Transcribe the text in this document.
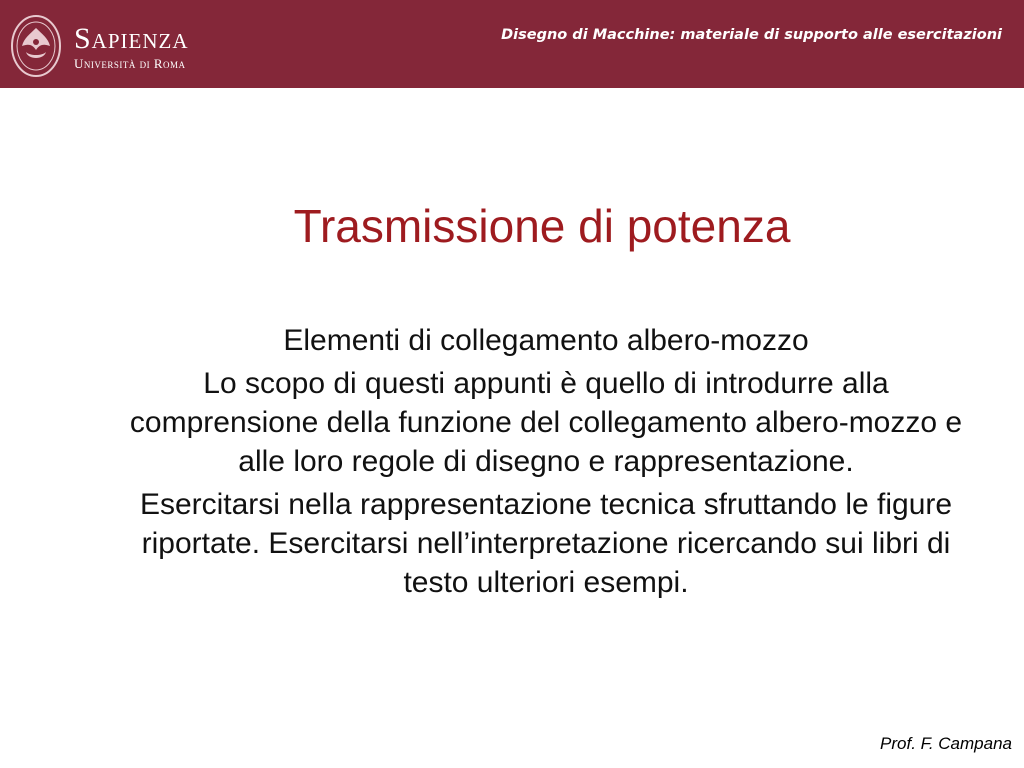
Sapienza
Università di Roma
Disegno di Macchine: materiale di supporto alle esercitazioni
Trasmissione di potenza

Elementi di collegamento albero-mozzo

Lo scopo di questi appunti è quello di introdurre alla comprensione della funzione del collegamento albero-mozzo e alle loro regole di disegno e rappresentazione.

Esercitarsi nella rappresentazione tecnica sfruttando le figure riportate. Esercitarsi nell’interpretazione ricercando sui libri di testo ulteriori esempi.

Prof. F. Campana
